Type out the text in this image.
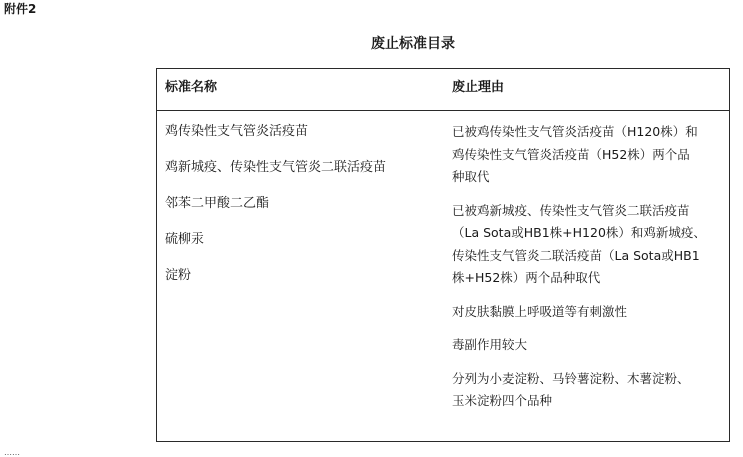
附件2
废止标准目录
标准名称	废止理由
鸡传染性支气管炎活疫苗
鸡新城疫、传染性支气管炎二联活疫苗
邻苯二甲酸二乙酯
硫柳汞
淀粉
已被鸡传染性支气管炎活疫苗（H120株）和
鸡传染性支气管炎活疫苗（H52株）两个品
种取代
已被鸡新城疫、传染性支气管炎二联活疫苗
（La Sota或HB1株+H120株）和鸡新城疫、
传染性支气管炎二联活疫苗（La Sota或HB1
株+H52株）两个品种取代
对皮肤黏膜上呼吸道等有刺激性
毒副作用较大
分列为小麦淀粉、马铃薯淀粉、木薯淀粉、
玉米淀粉四个品种
……
